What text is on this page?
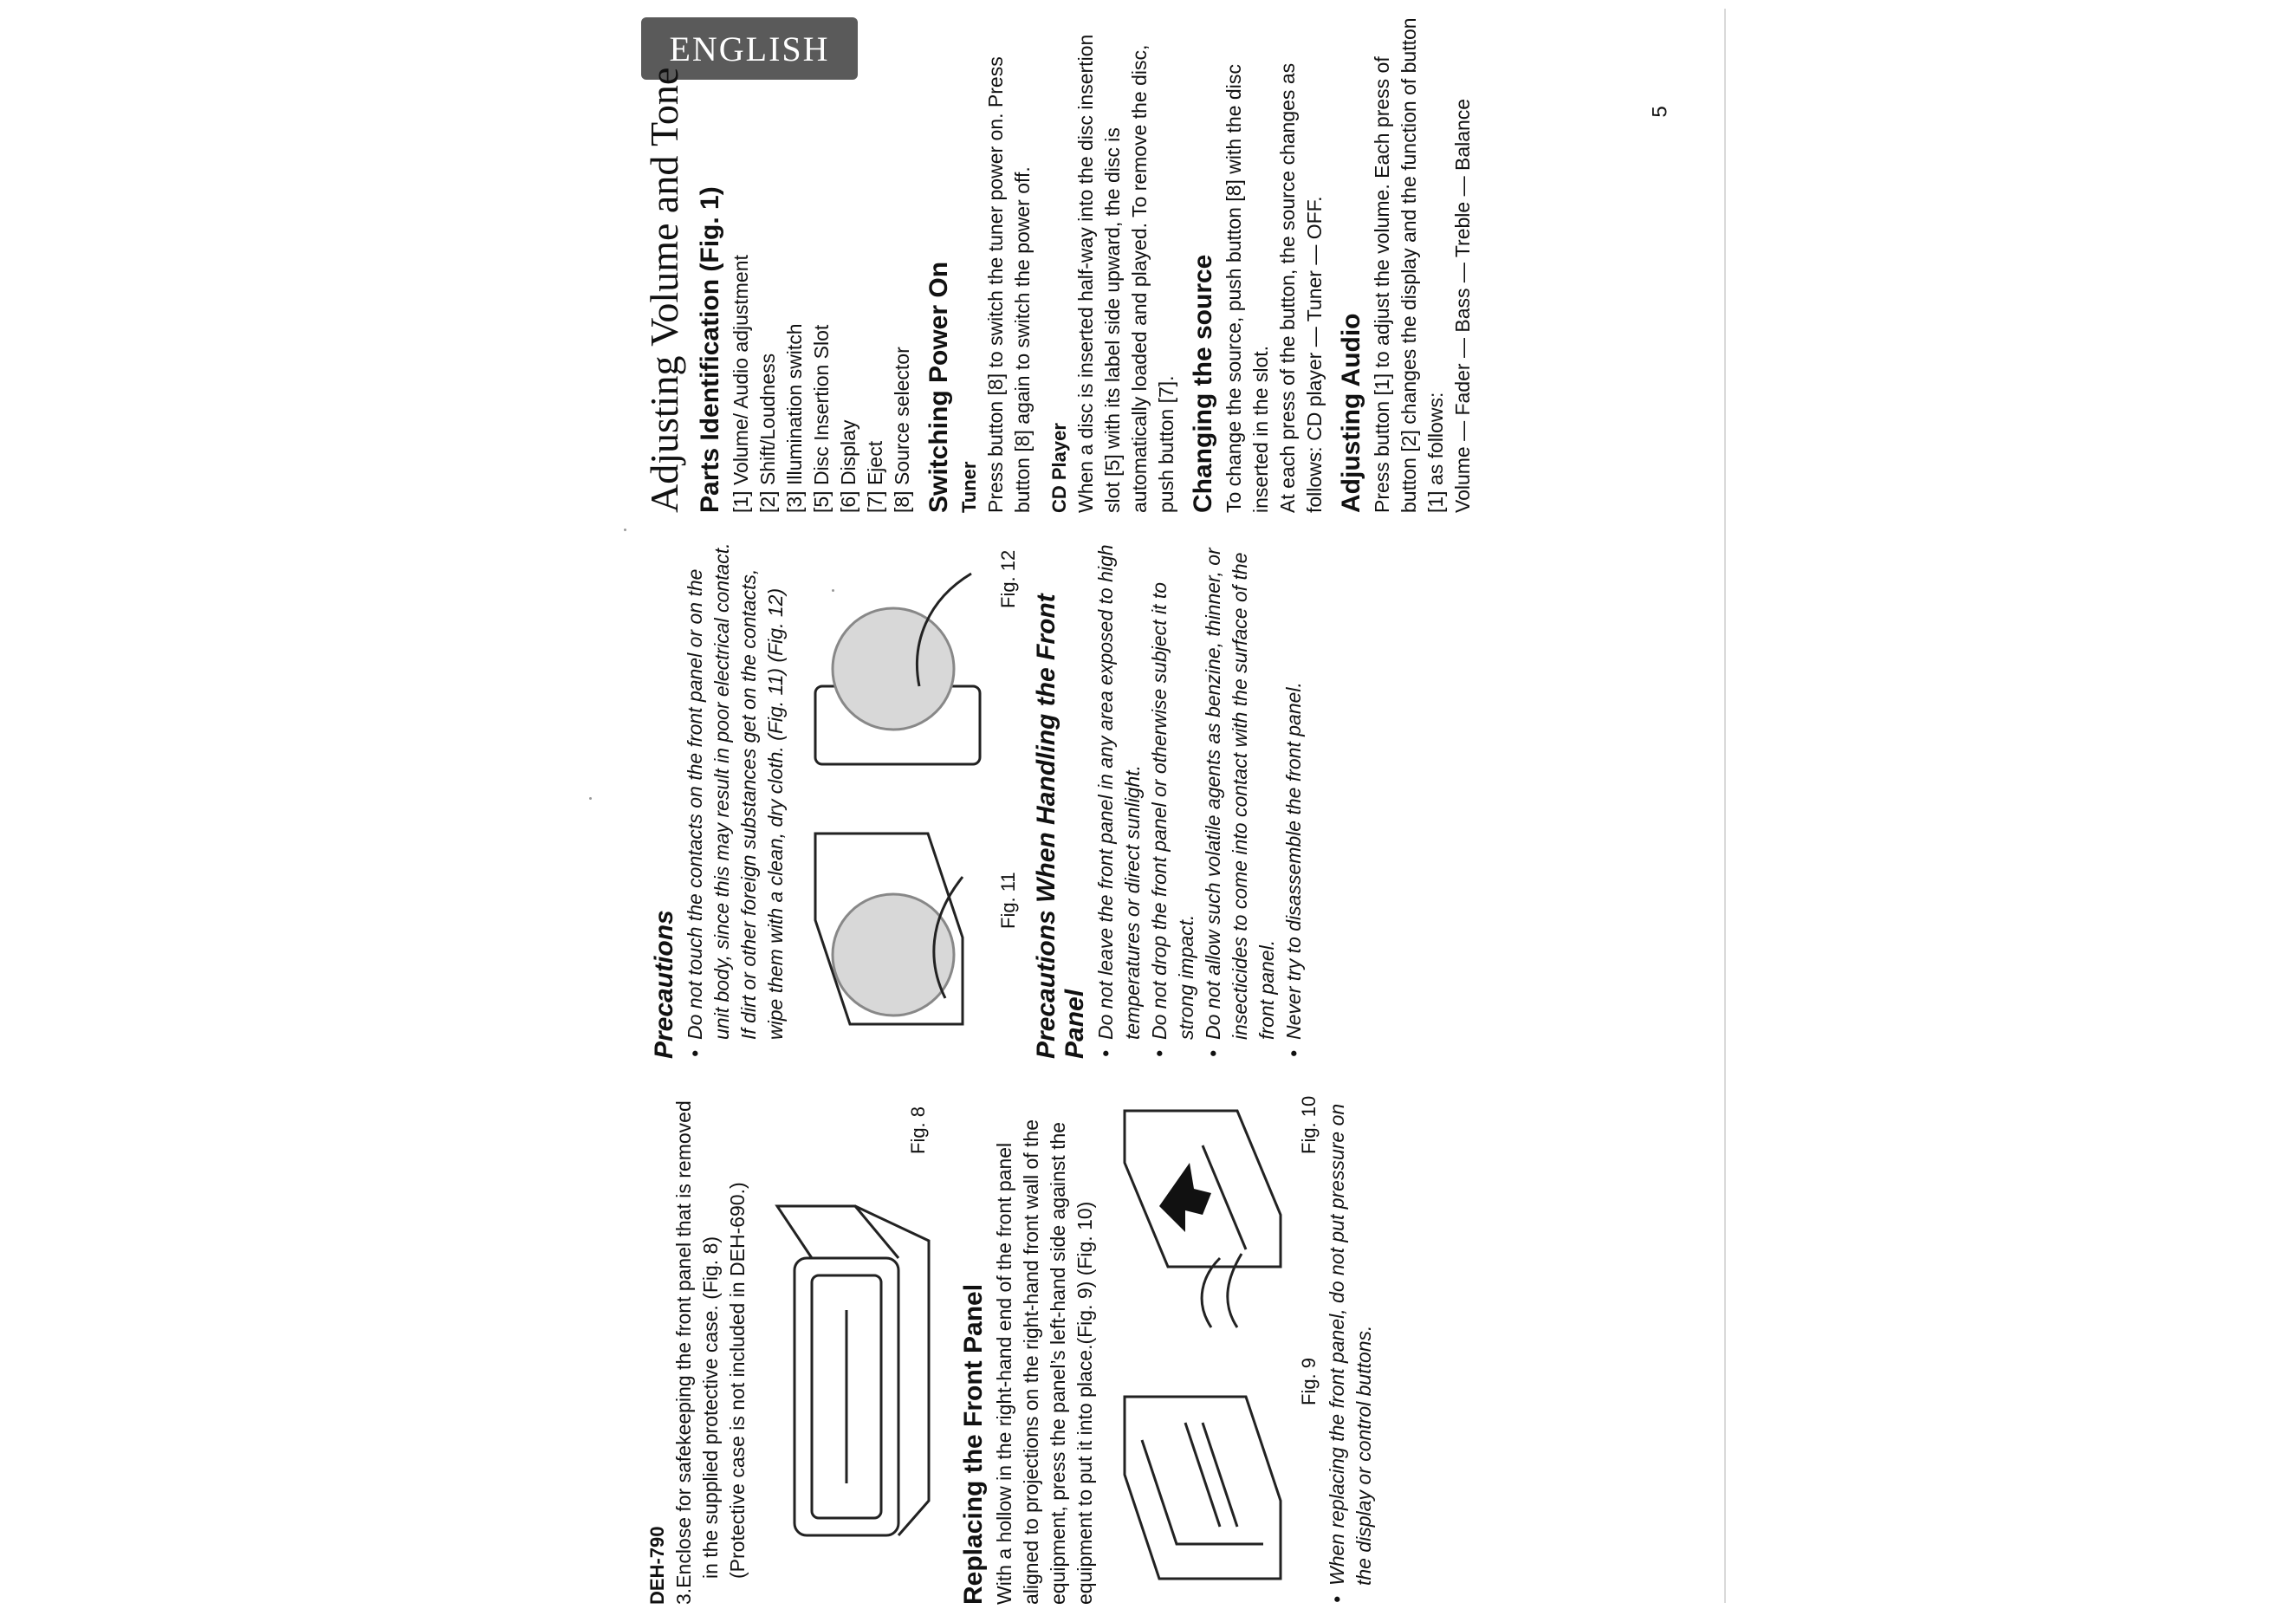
ENGLISH
5
DEH-790 3.Enclose for safekeeping the front panel that is removed in the supplied protective case. (Fig. 8) (Protective case is not included in DEH-690.)

Fig. 8
Replacing the Front Panel With a hollow in the right-hand end of the front panel aligned to projections on the right-hand front wall of the equipment, press the panel’s left-hand side against the equipment to put it into place.(Fig. 9) (Fig. 10)	Fig. 9
Fig. 10 • When replacing the front panel, do not put pressure on the display or control buttons.
Precautions • Do not touch the contacts on the front panel or on the unit body, since this may result in poor electrical contact. If dirt or other foreign substances get on the contacts, wipe them with a clean, dry cloth. (Fig. 11) (Fig. 12)	Fig. 11
Fig. 12
Precautions When Handling the Front Panel • Do not leave the front panel in any area exposed to high temperatures or direct sunlight. • Do not drop the front panel or otherwise subject it to strong impact. • Do not allow such volatile agents as benzine, thinner, or insecticides to come into contact with the surface of the front panel. • Never try to disassemble the front panel.
Adjusting Volume and Tone Parts Identification (Fig. 1) [1] Volume/ Audio adjustment [2] Shift/Loudness [3] Illumination switch [5] Disc Insertion Slot [6] Display [7] Eject [8] Source selector Switching Power On Tuner Press button [8] to switch the tuner power on. Press button [8] again to switch the power off. CD Player When a disc is inserted half-way into the disc insertion slot [5] with its label side upward, the disc is automatically loaded and played. To remove the disc, push button [7]. Changing the source To change the source, push button [8] with the disc inserted in the slot. At each press of the button, the source changes as follows: CD player — Tuner — OFF. Adjusting Audio Press button [1] to adjust the volume. Each press of button [2] changes the display and the function of button [1] as follows: Volume — Fader — Bass — Treble — Balance
